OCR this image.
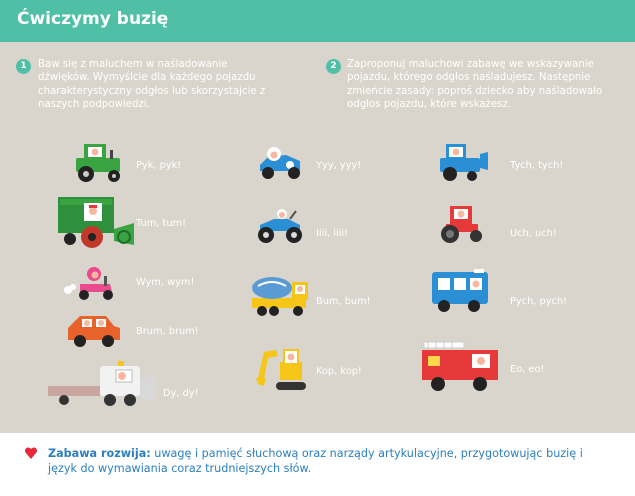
Ćwiczymy buzię
1	Baw się z maluchem w naśladowanie dźwięków. Wymyślcie dla każdego pojazdu charakterystyczny odgłos lub skorzystajcie z naszych podpowiedzi.
2	Zaproponuj maluchowi zabawę we wskazywanie pojazdu, którego odgłos naśladujesz. Następnie zmieńcie zasady: poproś dziecko aby naśladowało odgłos pojazdu, które wskażesz.
Pyk, pyk!
Tum, tum!
Wym, wym!
Brum, brum!
Dy, dy!
Yyy, yyy!
Iiii, iiii!
Bum, bum!
Kop, kop!
Tych, tych!
Uch, uch!
Pych, pych!
Eo, eo!
Zabawa rozwija: uwagę i pamięć słuchową oraz narządy artykulacyjne, przygotowując buzię i język do wymawiania coraz trudniejszych słów.
